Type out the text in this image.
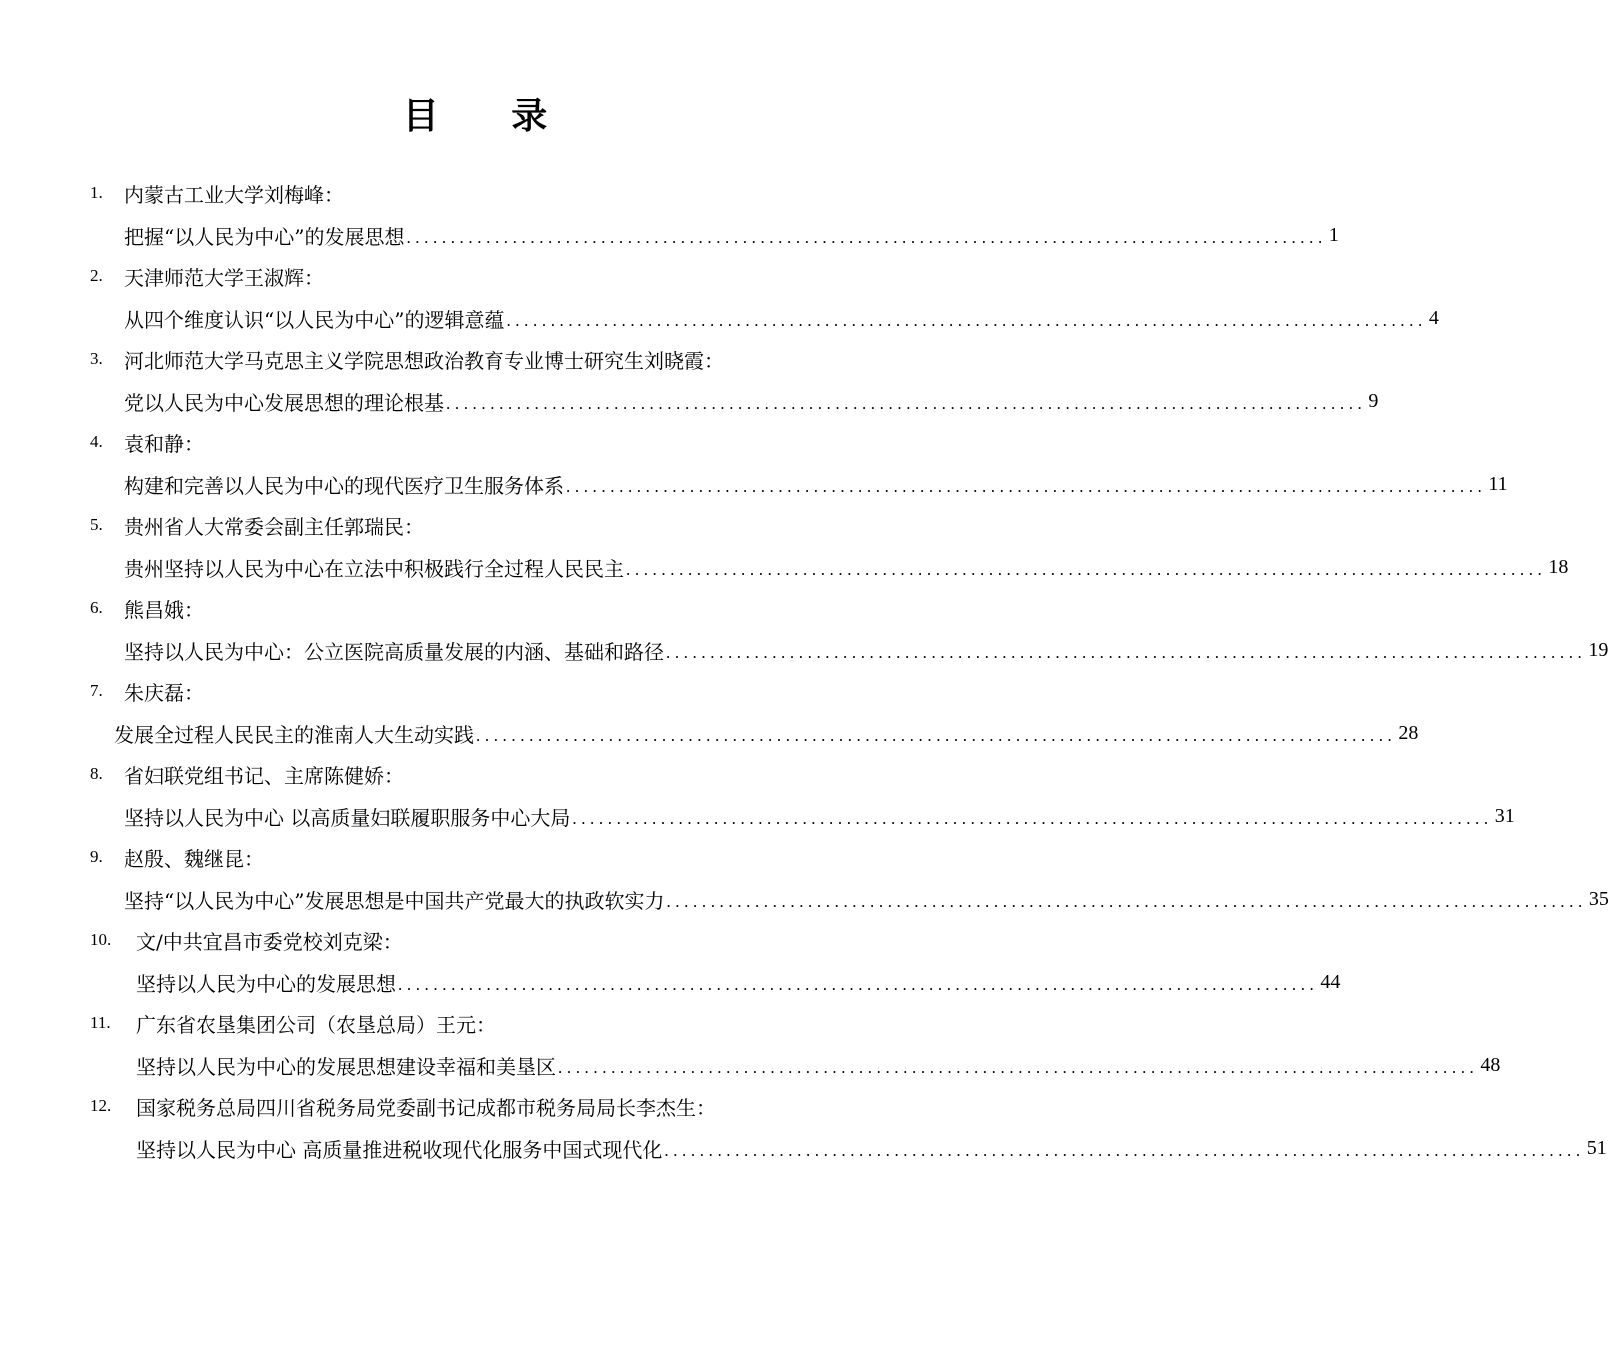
目 录
1.	内蒙古工业大学刘梅峰：
把握“以人民为中心”的发展思想 ........................................................................................................ 1
2.	天津师范大学王淑辉：
从四个维度认识“以人民为中心”的逻辑意蕴 ........................................................................................................ 4
3.	河北师范大学马克思主义学院思想政治教育专业博士研究生刘晓霞：
党以人民为中心发展思想的理论根基 ........................................................................................................ 9
4.	袁和静：
构建和完善以人民为中心的现代医疗卫生服务体系 ........................................................................................................ 11
5.	贵州省人大常委会副主任郭瑞民：
贵州坚持以人民为中心在立法中积极践行全过程人民民主 ........................................................................................................ 18
6.	熊昌娥：
坚持以人民为中心：公立医院高质量发展的内涵、基础和路径 ........................................................................................................ 19
7.	朱庆磊：
发展全过程人民民主的淮南人大生动实践 ........................................................................................................ 28
8.	省妇联党组书记、主席陈健娇：
坚持以人民为中心 以高质量妇联履职服务中心大局 ........................................................................................................ 31
9.	赵殷、魏继昆：
坚持“以人民为中心”发展思想是中国共产党最大的执政软实力 ........................................................................................................ 35
10.	文/中共宜昌市委党校刘克梁：
坚持以人民为中心的发展思想 ........................................................................................................ 44
11.	广东省农垦集团公司（农垦总局）王元：
坚持以人民为中心的发展思想建设幸福和美垦区 ........................................................................................................ 48
12.	国家税务总局四川省税务局党委副书记成都市税务局局长李杰生：
坚持以人民为中心 高质量推进税收现代化服务中国式现代化 ........................................................................................................ 51
